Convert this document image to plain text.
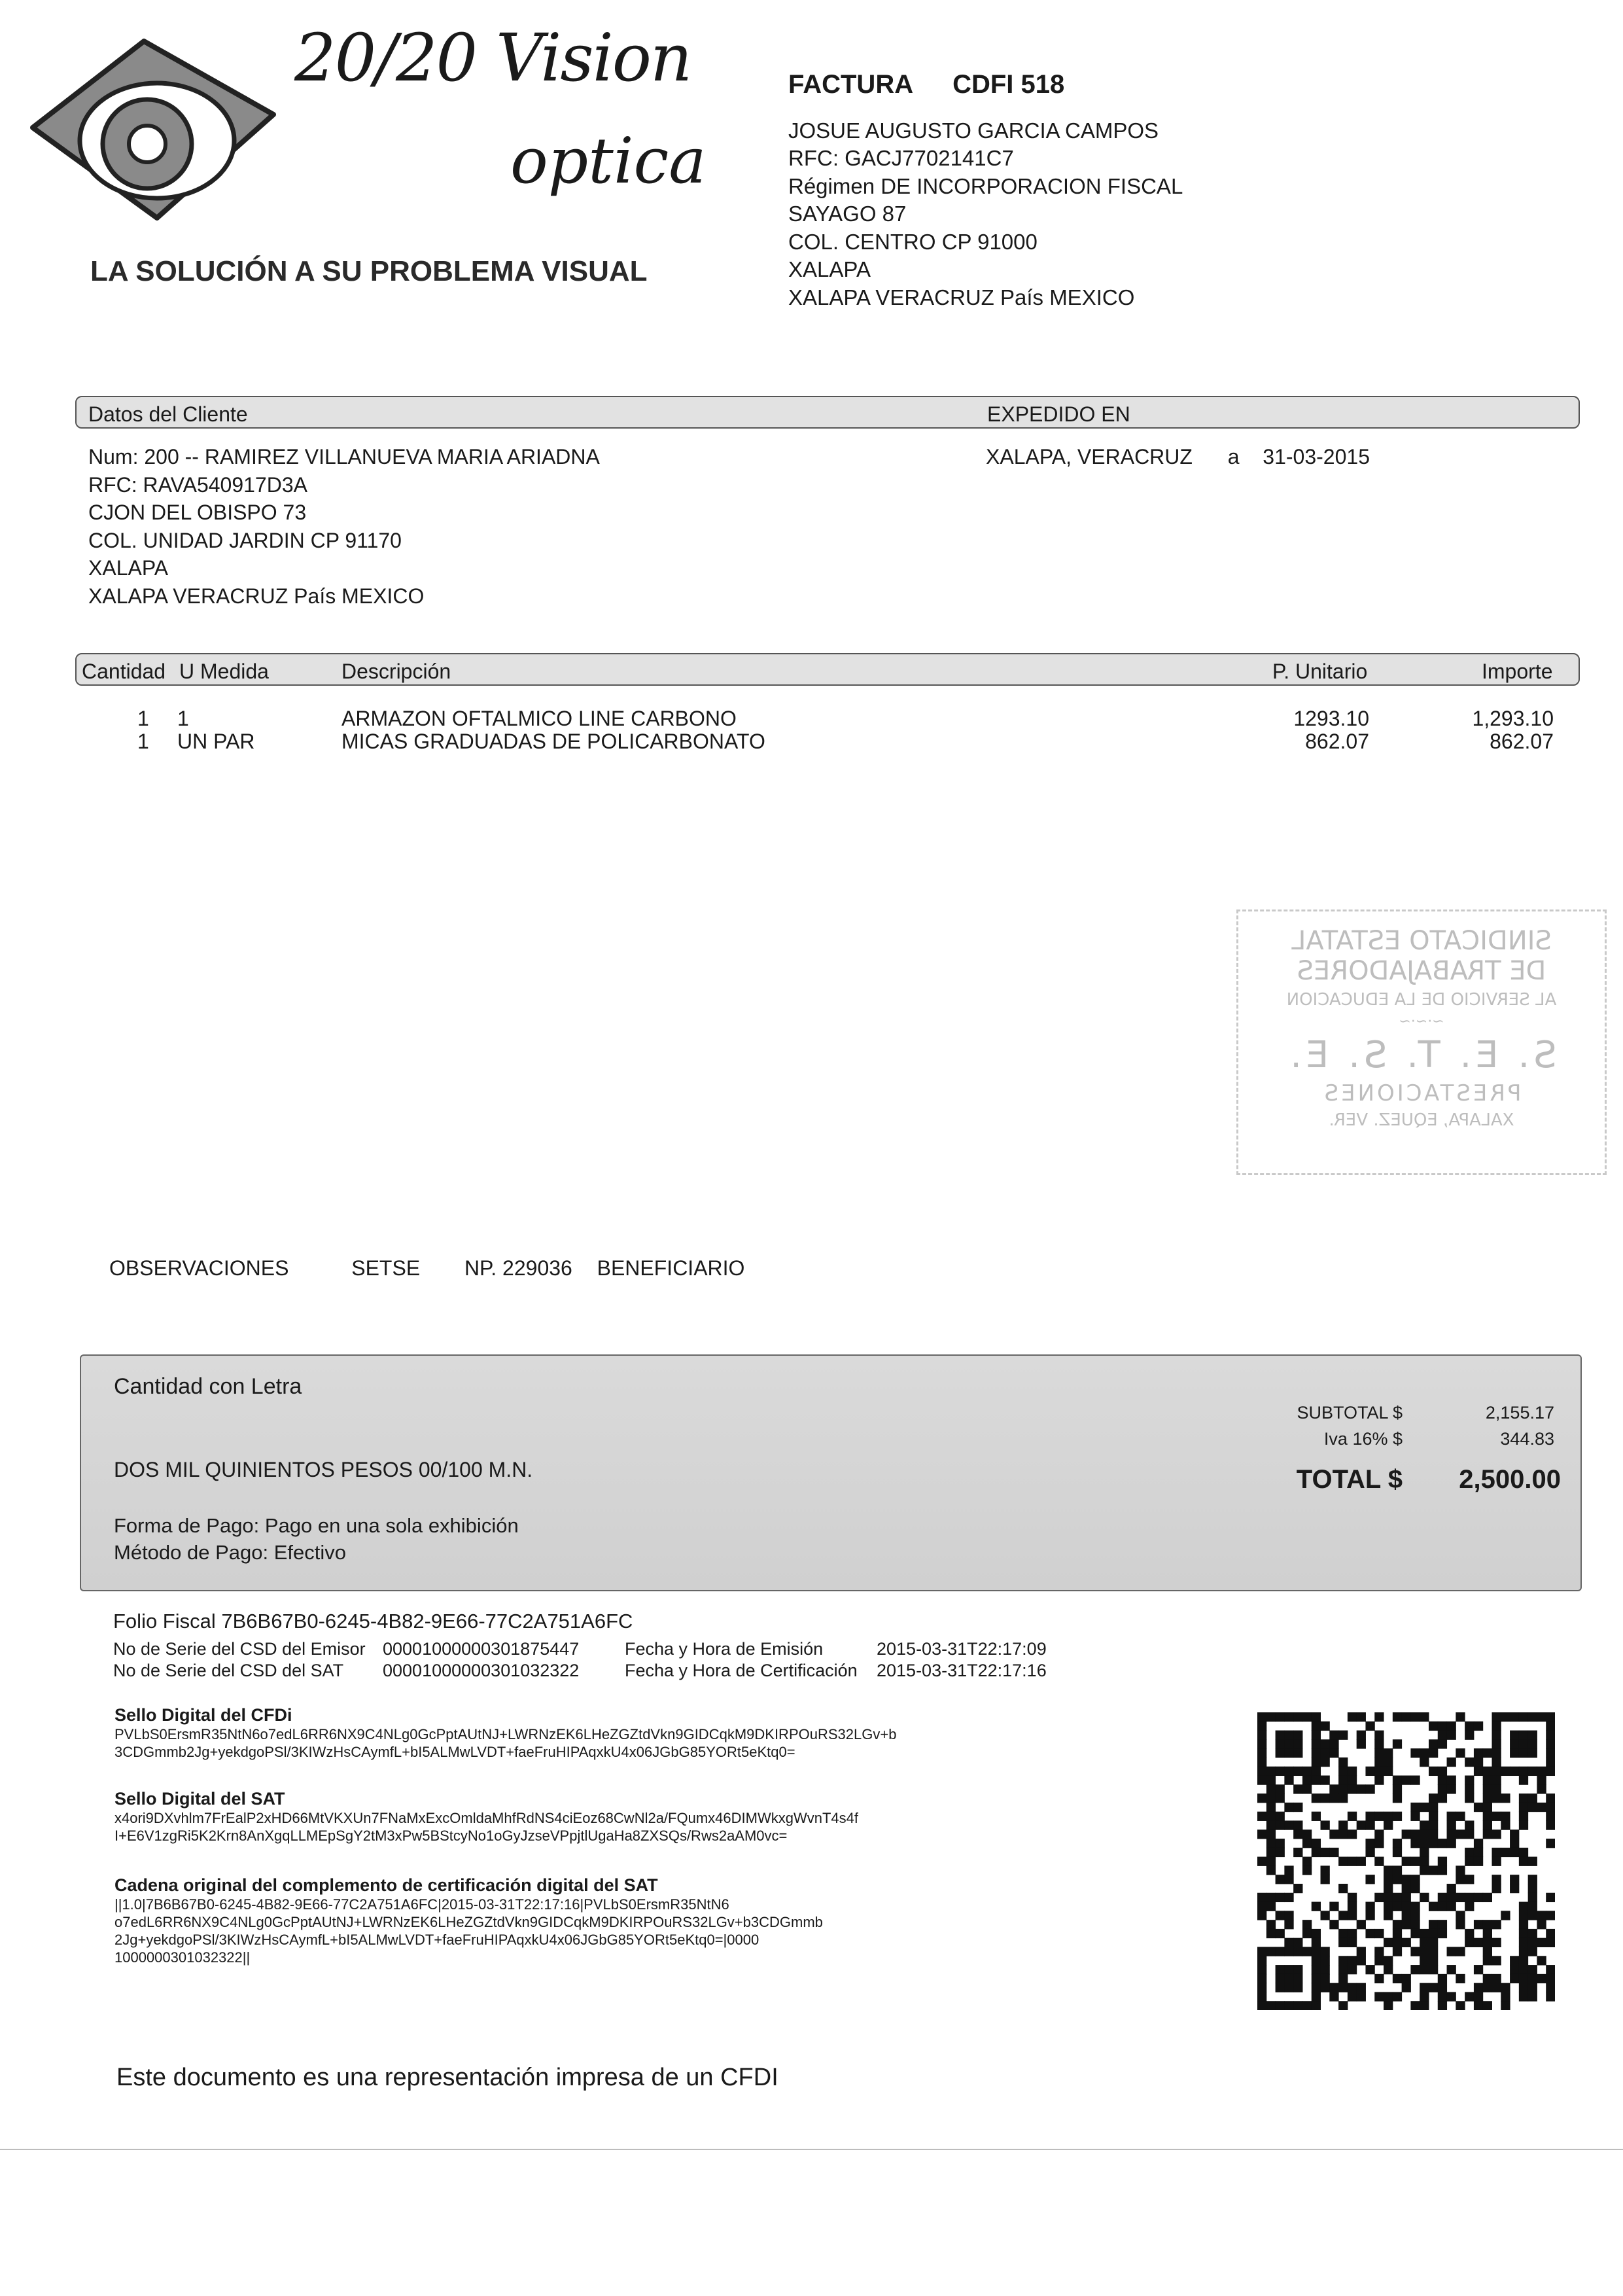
20/20 Vision
optica
LA SOLUCIÓN A SU PROBLEMA VISUAL
FACTURA CDFI 518
JOSUE AUGUSTO GARCIA CAMPOS
RFC: GACJ7702141C7
Régimen DE INCORPORACION FISCAL
SAYAGO 87
COL. CENTRO CP 91000
XALAPA
XALAPA VERACRUZ País MEXICO
Datos del Cliente	EXPEDIDO EN
Num: 200 -- RAMIREZ VILLANUEVA MARIA ARIADNA
RFC: RAVA540917D3A
CJON DEL OBISPO 73
COL. UNIDAD JARDIN CP 91170
XALAPA
XALAPA VERACRUZ País MEXICO
XALAPA, VERACRUZ a 31-03-2015
Cantidad U Medida	Descripción	P. Unitario	Importe
1 1	ARMAZON OFTALMICO LINE CARBONO	1293.10	1,293.10
1 UN PAR	MICAS GRADUADAS DE POLICARBONATO	862.07	862.07
SINDICATO ESTATAL
DE TRABAJADORES
AL SERVICIO DE LA EDUCACION
~·~·~
S. E. T. S. E.
PRESTACIONES
XALAPA, EQUEZ. VER.
OBSERVACIONES	SETSE NP. 229036 BENEFICIARIO
Cantidad con Letra
DOS MIL QUINIENTOS PESOS 00/100 M.N.
Forma de Pago: Pago en una sola exhibición
Método de Pago: Efectivo
SUBTOTAL $	2,155.17
Iva 16% $	344.83
TOTAL $ 2,500.00
Folio Fiscal 7B6B67B0-6245-4B82-9E66-77C2A751A6FC
No de Serie del CSD del Emisor 00001000000301875447	Fecha y Hora de Emisión	2015-03-31T22:17:09
No de Serie del CSD del SAT 00001000000301032322	Fecha y Hora de Certificación 2015-03-31T22:17:16
Sello Digital del CFDi
PVLbS0ErsmR35NtN6o7edL6RR6NX9C4NLg0GcPptAUtNJ+LWRNzEK6LHeZGZtdVkn9GIDCqkM9DKIRPOuRS32LGv+b
3CDGmmb2Jg+yekdgoPSl/3KIWzHsCAymfL+bI5ALMwLVDT+faeFruHIPAqxkU4x06JGbG85YORt5eKtq0=
Sello Digital del SAT
x4ori9DXvhlm7FrEalP2xHD66MtVKXUn7FNaMxExcOmldaMhfRdNS4ciEoz68CwNl2a/FQumx46DIMWkxgWvnT4s4f
I+E6V1zgRi5K2Krn8AnXgqLLMEpSgY2tM3xPw5BStcyNo1oGyJzseVPpjtlUgaHa8ZXSQs/Rws2aAM0vc=
Cadena original del complemento de certificación digital del SAT
||1.0|7B6B67B0-6245-4B82-9E66-77C2A751A6FC|2015-03-31T22:17:16|PVLbS0ErsmR35NtN6
o7edL6RR6NX9C4NLg0GcPptAUtNJ+LWRNzEK6LHeZGZtdVkn9GIDCqkM9DKIRPOuRS32LGv+b3CDGmmb
2Jg+yekdgoPSl/3KIWzHsCAymfL+bI5ALMwLVDT+faeFruHIPAqxkU4x06JGbG85YORt5eKtq0=|0000
1000000301032322||
Este documento es una representación impresa de un CFDI
